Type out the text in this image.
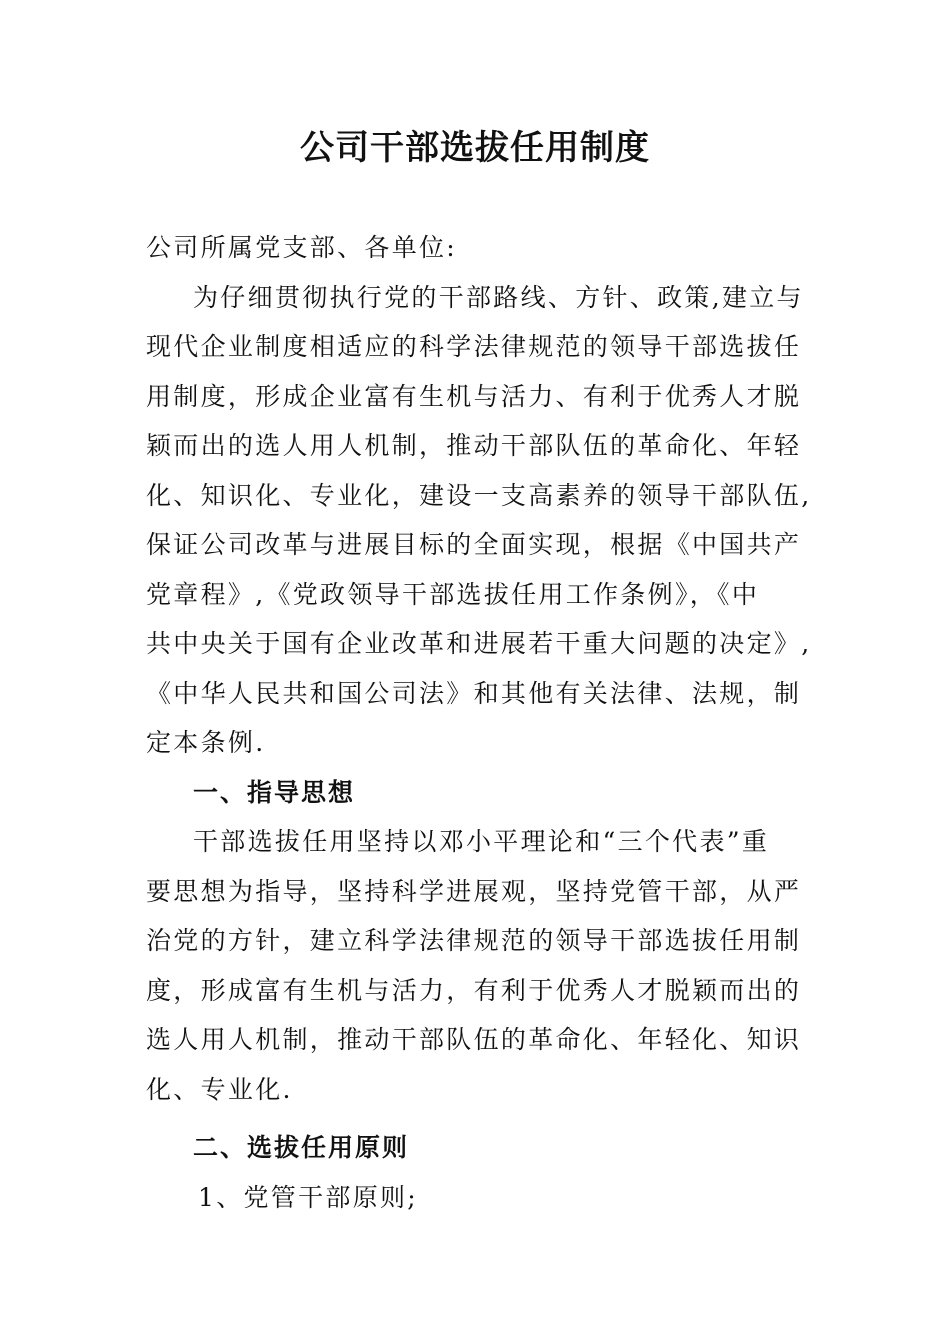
公司干部选拔任用制度
公司所属党支部、各单位:
为仔细贯彻执行党的干部路线、方针、政策,建立与
现代企业制度相适应的科学法律规范的领导干部选拔任
用制度，形成企业富有生机与活力、有利于优秀人才脱
颖而出的选人用人机制，推动干部队伍的革命化、年轻
化、知识化、专业化，建设一支高素养的领导干部队伍,
保证公司改革与进展目标的全面实现，根据《中国共产
党章程》,《党政领导干部选拔任用工作条例》，《中
共中央关于国有企业改革和进展若干重大问题的决定》,
《中华人民共和国公司法》和其他有关法律、法规，制
定本条例.
一、指导思想
干部选拔任用坚持以邓小平理论和“三个代表”重
要思想为指导，坚持科学进展观，坚持党管干部，从严
治党的方针，建立科学法律规范的领导干部选拔任用制
度，形成富有生机与活力，有利于优秀人才脱颖而出的
选人用人机制，推动干部队伍的革命化、年轻化、知识
化、专业化.
二、选拔任用原则
1、党管干部原则;
